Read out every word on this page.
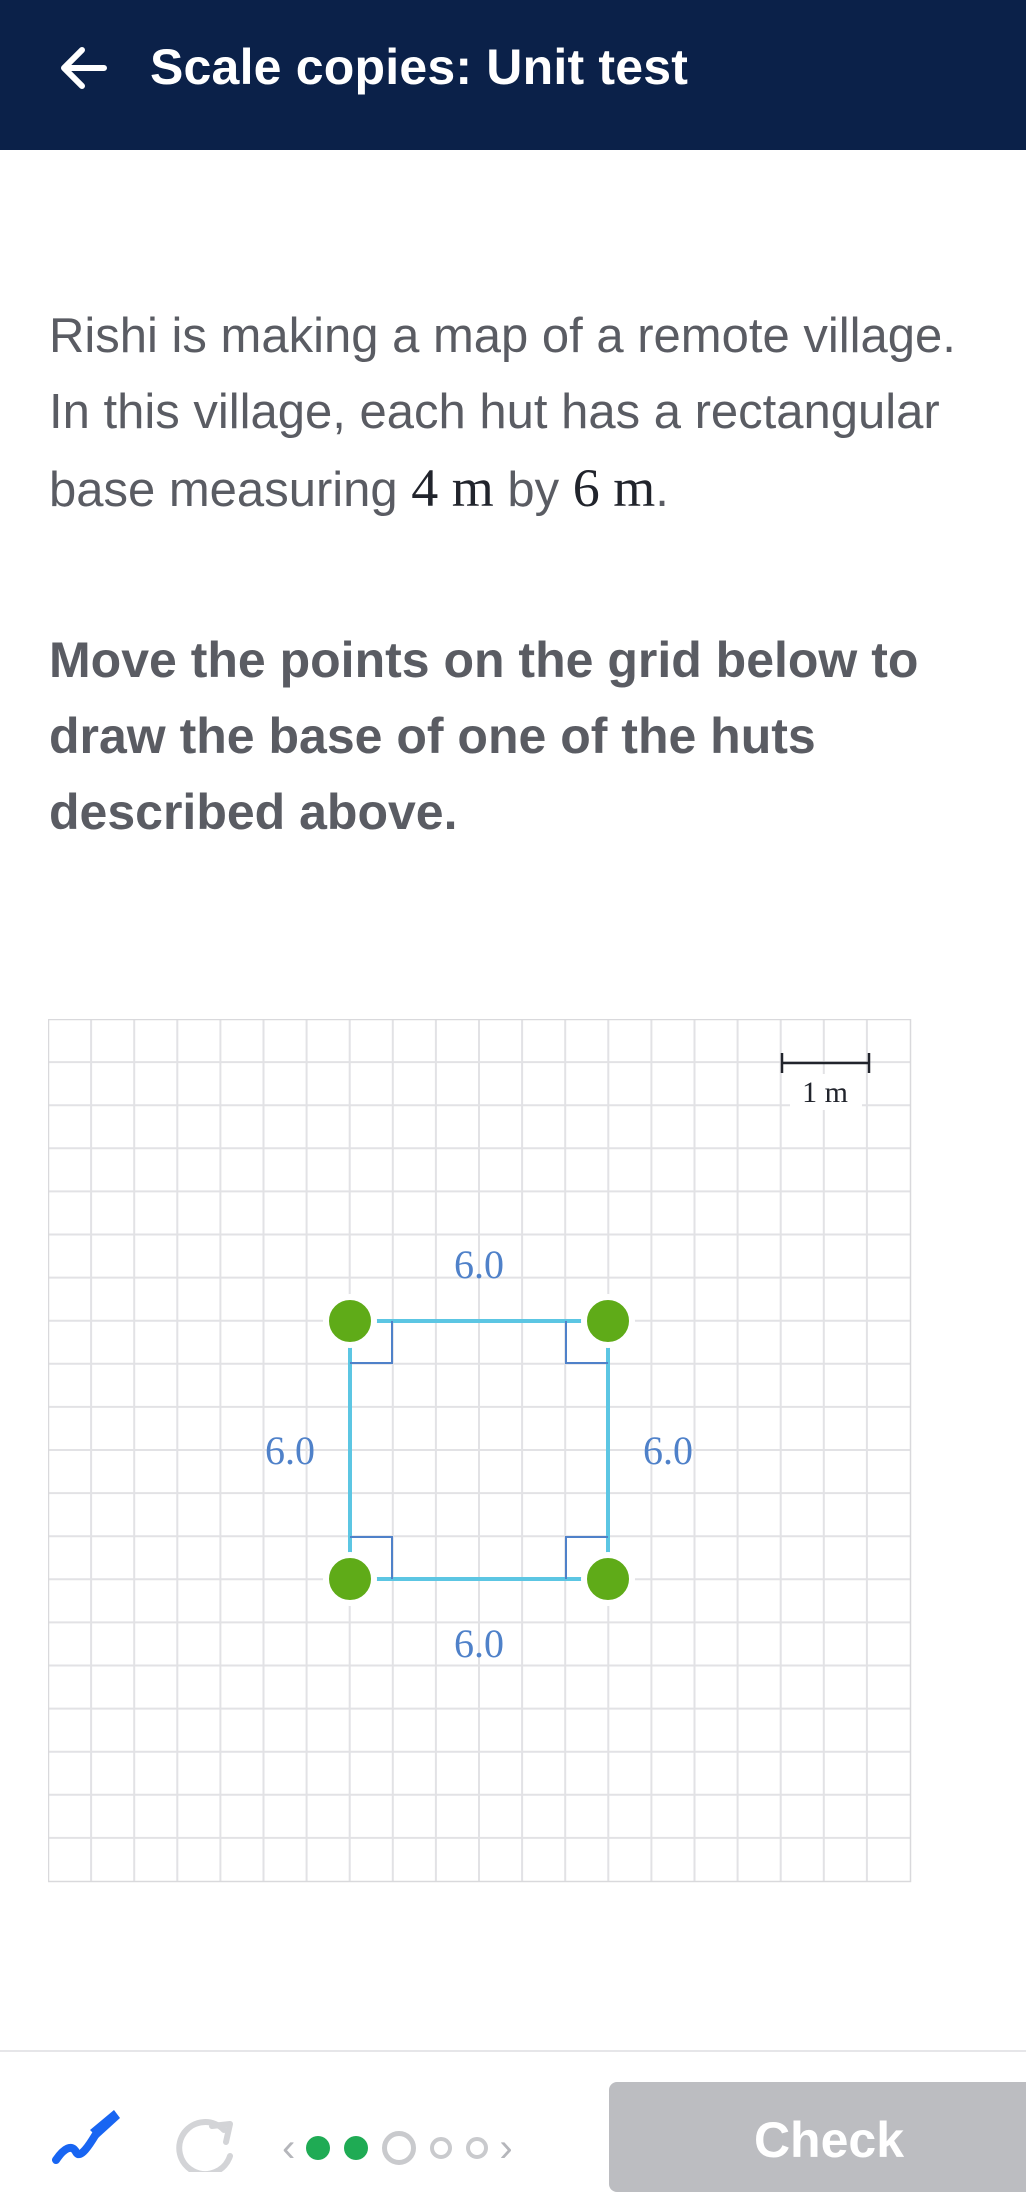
Scale copies: Unit test
Rishi is making a map of a remote village.
In this village, each hut has a rectangular
base measuring 4 m by 6 m.
Move the points on the grid below to draw the base of one of the huts described above.
1 m
6.0
6.0	6.0
6.0
‹	›	Check
